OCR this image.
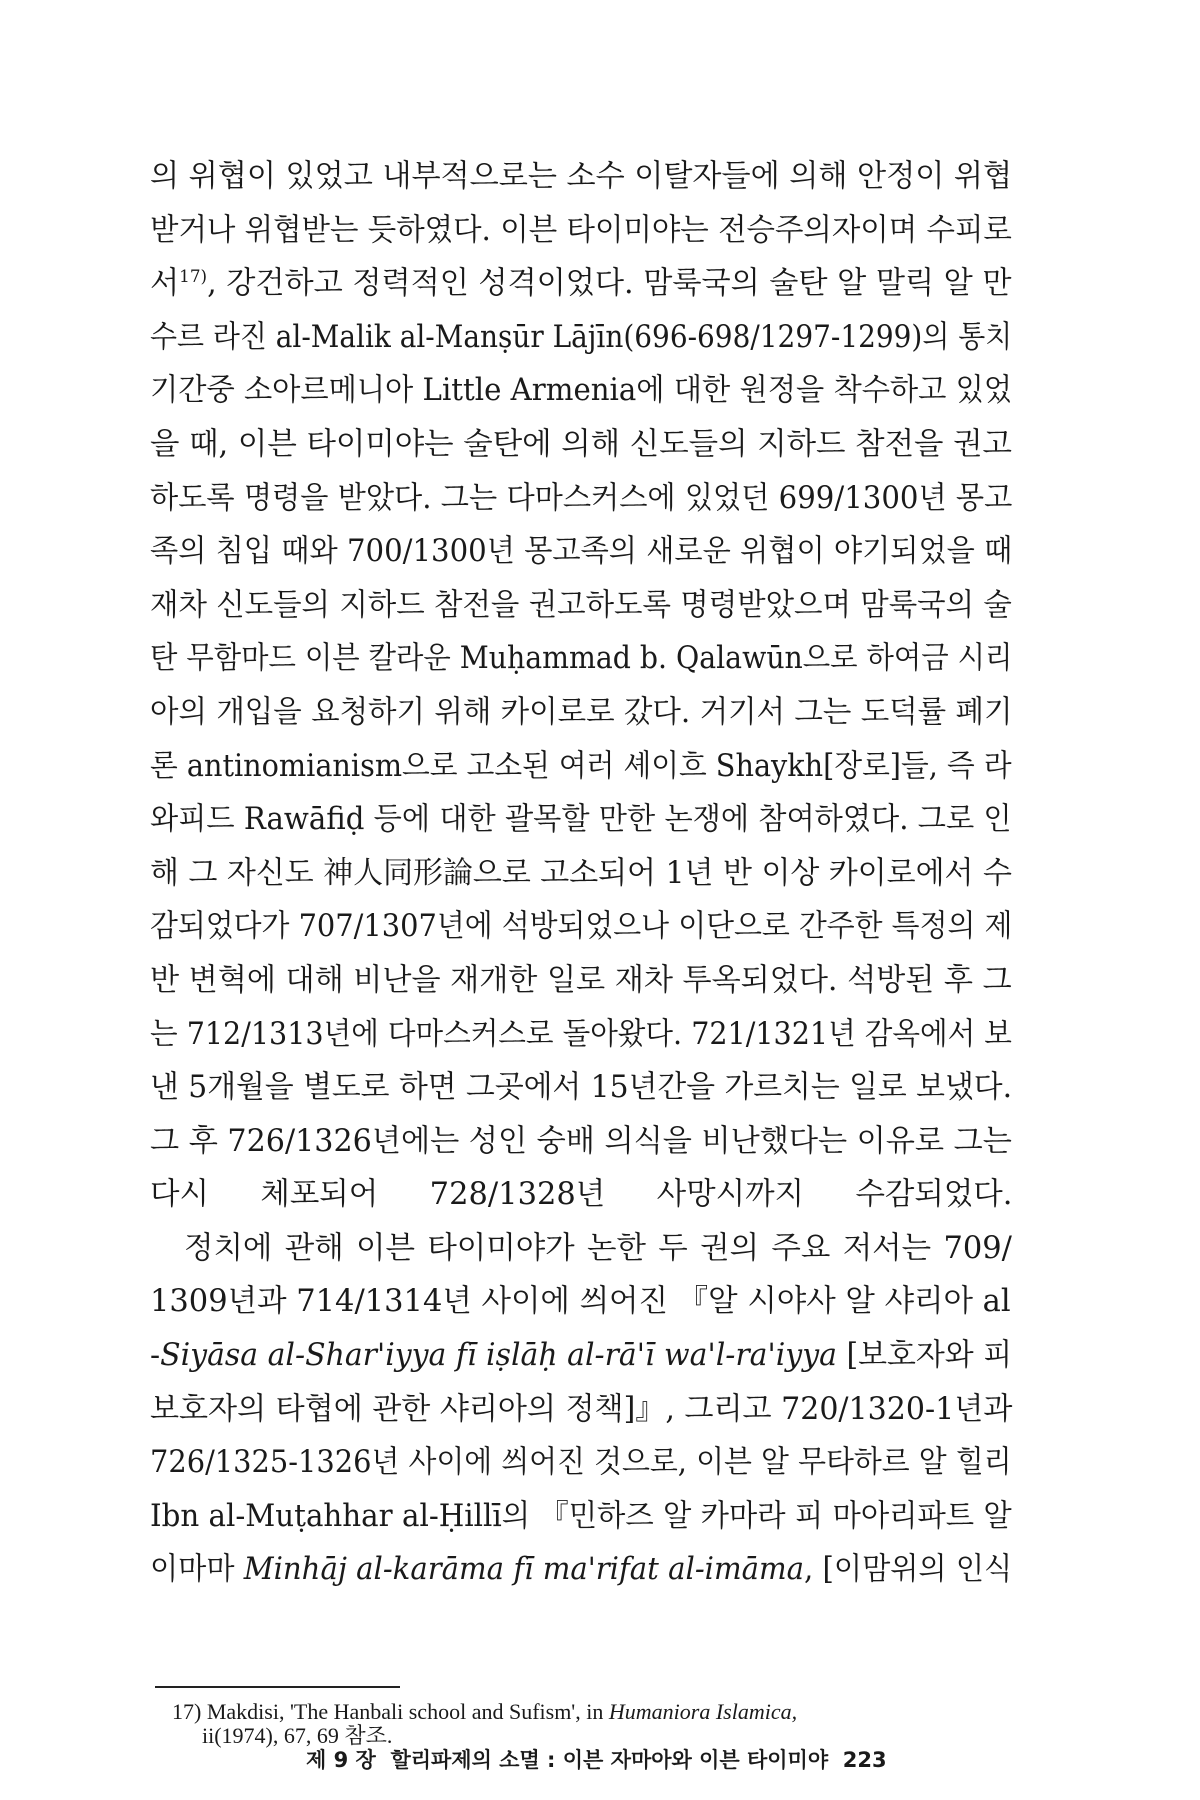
의 위협이 있었고 내부적으로는 소수 이탈자들에 의해 안정이 위협
받거나 위협받는 듯하였다. 이븐 타이미야는 전승주의자이며 수피로
서$^{17)}$, 강건하고 정력적인 성격이었다. 맘룩국의 술탄 알 말릭 알 만
수르 라진 al-Malik al-Manṣūr Lājīn(696-698/1297-1299)의 통치
기간중 소아르메니아 Little Armenia에 대한 원정을 착수하고 있었
을 때, 이븐 타이미야는 술탄에 의해 신도들의 지하드 참전을 권고
하도록 명령을 받았다. 그는 다마스커스에 있었던 699/1300년 몽고
족의 침입 때와 700/1300년 몽고족의 새로운 위협이 야기되었을 때
재차 신도들의 지하드 참전을 권고하도록 명령받았으며 맘룩국의 술
탄 무함마드 이븐 칼라운 Muḥammad b. Qalawūn으로 하여금 시리
아의 개입을 요청하기 위해 카이로로 갔다. 거기서 그는 도덕률 폐기
론 antinomianism으로 고소된 여러 셰이흐 Shaykh[장로]들, 즉 라
와피드 Rawāfiḍ 등에 대한 괄목할 만한 논쟁에 참여하였다. 그로 인
해 그 자신도 神人同形論으로 고소되어 1년 반 이상 카이로에서 수
감되었다가 707/1307년에 석방되었으나 이단으로 간주한 특정의 제
반 변혁에 대해 비난을 재개한 일로 재차 투옥되었다. 석방된 후 그
는 712/1313년에 다마스커스로 돌아왔다. 721/1321년 감옥에서 보
낸 5개월을 별도로 하면 그곳에서 15년간을 가르치는 일로 보냈다.
그 후 726/1326년에는 성인 숭배 의식을 비난했다는 이유로 그는
다시 체포되어 728/1328년 사망시까지 수감되었다.
정치에 관해 이븐 타이미야가 논한 두 권의 주요 저서는 709/
1309년과 714/1314년 사이에 씌어진 『알 시야사 알 샤리아 al
-Siyāsa al-Shar'iyya fī iṣlāḥ al-rā'ī wa'l-ra'iyya [보호자와 피
보호자의 타협에 관한 샤리아의 정책]』, 그리고 720/1320-1년과
726/1325-1326년 사이에 씌어진 것으로, 이븐 알 무타하르 알 힐리
Ibn al-Muṭahhar al-Ḥillī의 『민하즈 알 카마라 피 마아리파트 알
이마마 Minhāj al-karāma fī ma'rifat al-imāma, [이맘위의 인식
17) Makdisi, 'The Hanbali school and Sufism', in Humaniora Islamica,
ii(1974), 67, 69 참조.
제 9 장 할리파제의 소멸 : 이븐 자마아와 이븐 타이미야 223
